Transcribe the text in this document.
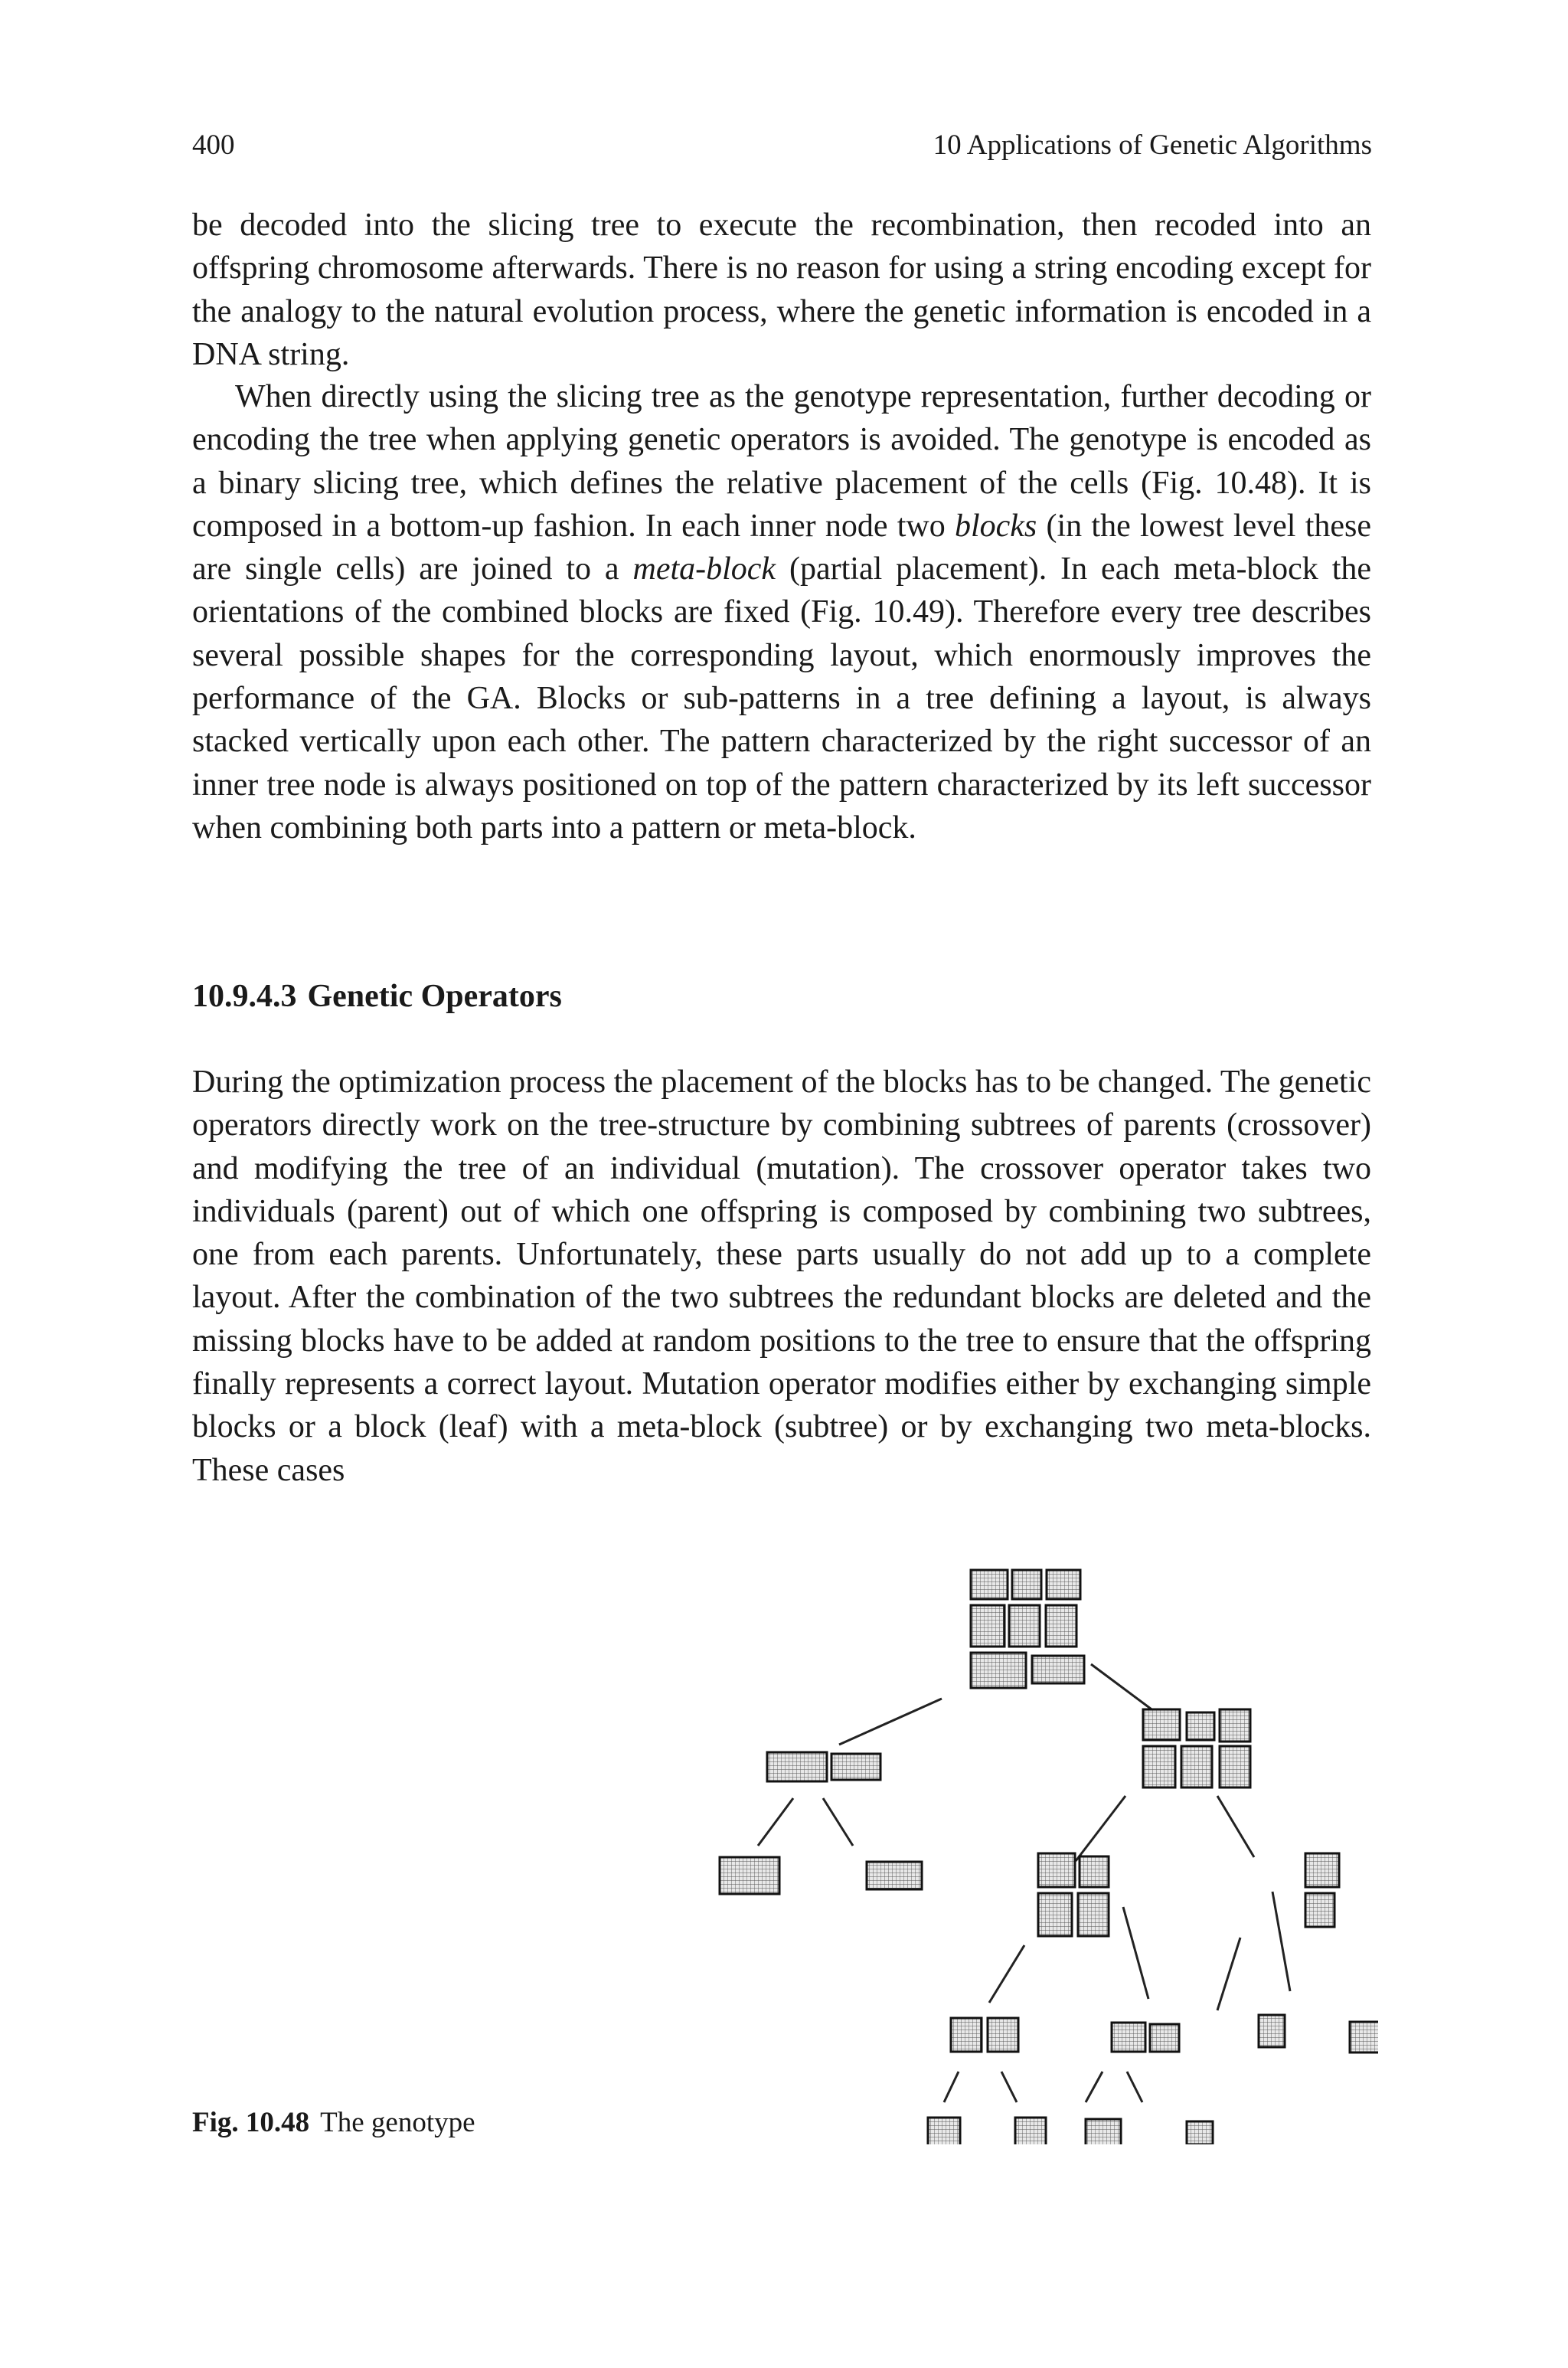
400	10 Applications of Genetic Algorithms

be decoded into the slicing tree to execute the recombination, then recoded into an offspring chromosome afterwards. There is no reason for using a string encoding except for the analogy to the natural evolution process, where the genetic information is encoded in a DNA string.

When directly using the slicing tree as the genotype representation, further decoding or encoding the tree when applying genetic operators is avoided. The genotype is encoded as a binary slicing tree, which defines the relative placement of the cells (Fig. 10.48). It is composed in a bottom-up fashion. In each inner node two blocks (in the lowest level these are single cells) are joined to a meta-block (partial placement). In each meta-block the orientations of the combined blocks are fixed (Fig. 10.49). Therefore every tree describes several possible shapes for the corresponding layout, which enormously improves the performance of the GA. Blocks or sub-patterns in a tree defining a layout, is always stacked vertically upon each other. The pattern characterized by the right successor of an inner tree node is always positioned on top of the pattern characterized by its left successor when combining both parts into a pattern or meta-block.

10.9.4.3 Genetic Operators

During the optimization process the placement of the blocks has to be changed. The genetic operators directly work on the tree-structure by combining subtrees of parents (crossover) and modifying the tree of an individual (mutation). The crossover operator takes two individuals (parent) out of which one offspring is composed by combining two subtrees, one from each parents. Unfortunately, these parts usually do not add up to a complete layout. After the combination of the two subtrees the redundant blocks are deleted and the missing blocks have to be added at random positions to the tree to ensure that the offspring finally represents a correct layout. Mutation operator modifies either by exchanging simple blocks or a block (leaf) with a meta-block (subtree) or by exchanging two meta-blocks. These cases

Fig. 10.48 The genotype
